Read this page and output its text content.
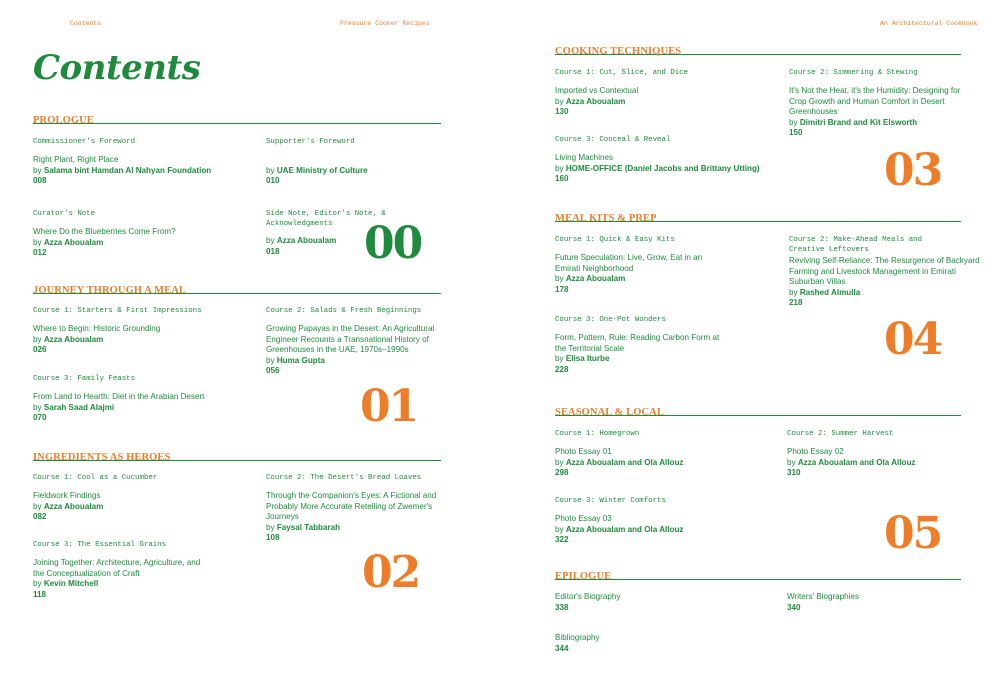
Contents	Pressure Cooker Recipes	An Architectural Cookbook
Contents
PROLOGUE
Commissioner's Foreword
Right Plant, Right Place
by Salama bint Hamdan Al Nahyan Foundation
008
Supporter's Foreword
by UAE Ministry of Culture
010
Curator's Note
Where Do the Blueberries Come From?
by Azza Aboualam
012
Side Note, Editor's Note, & Acknowledgments
by Azza Aboualam
018	00
JOURNEY THROUGH A MEAL
Course 1: Starters & First Impressions
Where to Begin: Historic Grounding
by Azza Aboualam
026
Course 2: Salads & Fresh Beginnings
Growing Papayas in the Desert: An Agricultural Engineer Recounts a Transnational History of Greenhouses in the UAE, 1970s–1990s
by Huma Gupta
056
Course 3: Family Feasts
From Land to Hearth: Diet in the Arabian Desert
by Sarah Saad Alajmi
070	01
INGREDIENTS AS HEROES
Course 1: Cool as a Cucumber
Fieldwork Findings
by Azza Aboualam
082
Course 2: The Desert's Bread Loaves
Through the Companion's Eyes: A Fictional and Probably More Accurate Retelling of Zwemer's Journeys
by Faysal Tabbarah
108
Course 3: The Essential Grains
Joining Together: Architecture, Agriculture, and the Conceptualization of Craft
by Kevin Mitchell
118	02
COOKING TECHNIQUES
Course 1: Cut, Slice, and Dice
Imported vs Contextual
by Azza Aboualam
130
Course 2: Simmering & Stewing
It's Not the Heat, it's the Humidity: Designing for Crop Growth and Human Comfort in Desert Greenhouses
by Dimitri Brand and Kit Elsworth
150
Course 3: Conceal & Reveal
Living Machines
by HOME-OFFICE (Daniel Jacobs and Brittany Utting)
160	03
MEAL KITS & PREP
Course 1: Quick & Easy Kits
Future Speculation: Live, Grow, Eat in an Emirati Neighborhood
by Azza Aboualam
178
Course 2: Make-Ahead Meals and Creative Leftovers
Reviving Self-Reliance: The Resurgence of Backyard Farming and Livestock Management in Emirati Suburban Villas
by Rashed Almulla
218
Course 3: One-Pot Wonders
Form, Pattern, Rule: Reading Carbon Form at the Territorial Scale
by Elisa Iturbe
228
04
SEASONAL & LOCAL
Course 1: Homegrown
Photo Essay 01
by Azza Aboualam and Ola Allouz
298
Course 2: Summer Harvest
Photo Essay 02
by Azza Aboualam and Ola Allouz
310
Course 3: Winter Comforts
Photo Essay 03
by Azza Aboualam and Ola Allouz
322	05
EPILOGUE
Editor's Biography
338
Writers' Biographies
340
Bibliography
344
